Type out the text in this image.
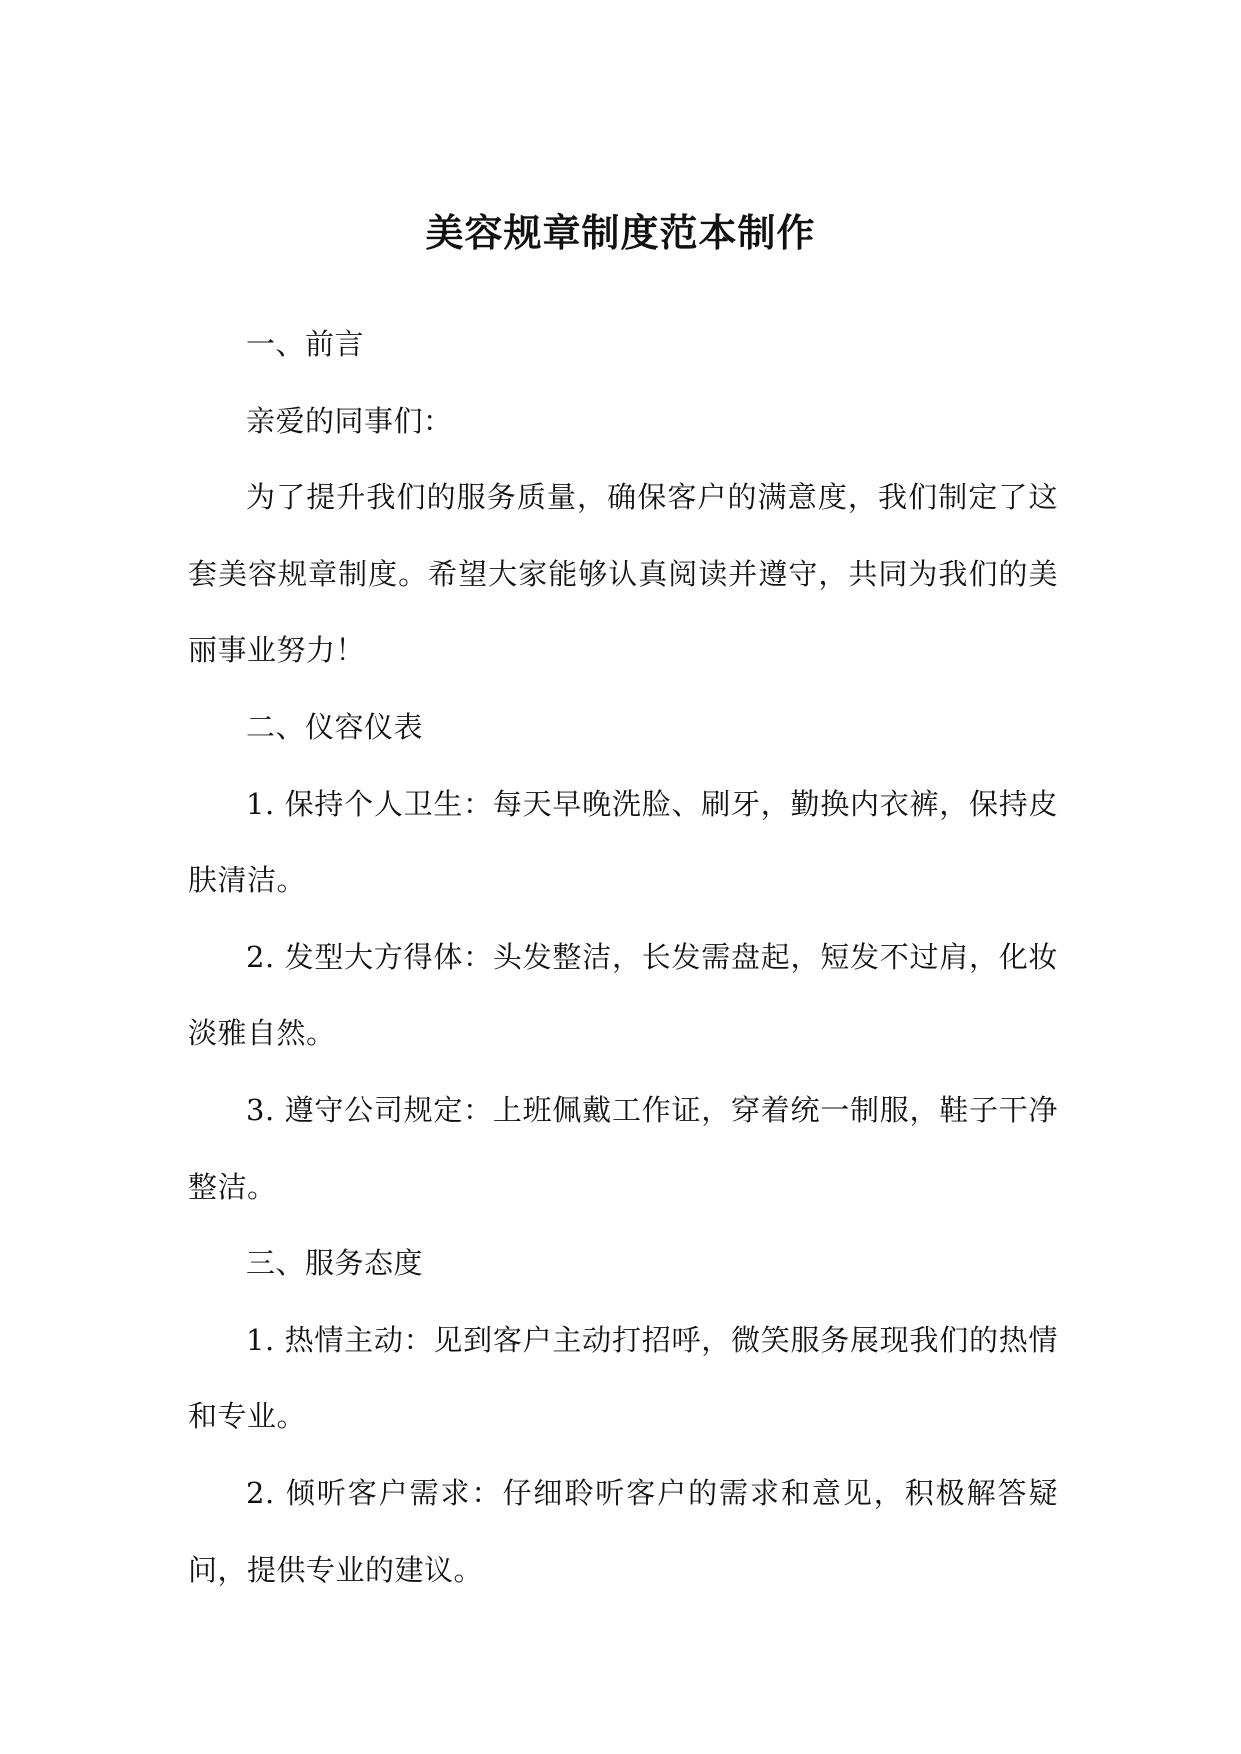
美容规章制度范本制作

一、前言

亲爱的同事们：

为了提升我们的服务质量，确保客户的满意度，我们制定了这套美容规章制度。希望大家能够认真阅读并遵守，共同为我们的美丽事业努力！

二、仪容仪表

1. 保持个人卫生：每天早晚洗脸、刷牙，勤换内衣裤，保持皮肤清洁。

2. 发型大方得体：头发整洁，长发需盘起，短发不过肩，化妆淡雅自然。

3. 遵守公司规定：上班佩戴工作证，穿着统一制服，鞋子干净整洁。

三、服务态度

1. 热情主动：见到客户主动打招呼，微笑服务展现我们的热情和专业。

2. 倾听客户需求：仔细聆听客户的需求和意见，积极解答疑问，提供专业的建议。
